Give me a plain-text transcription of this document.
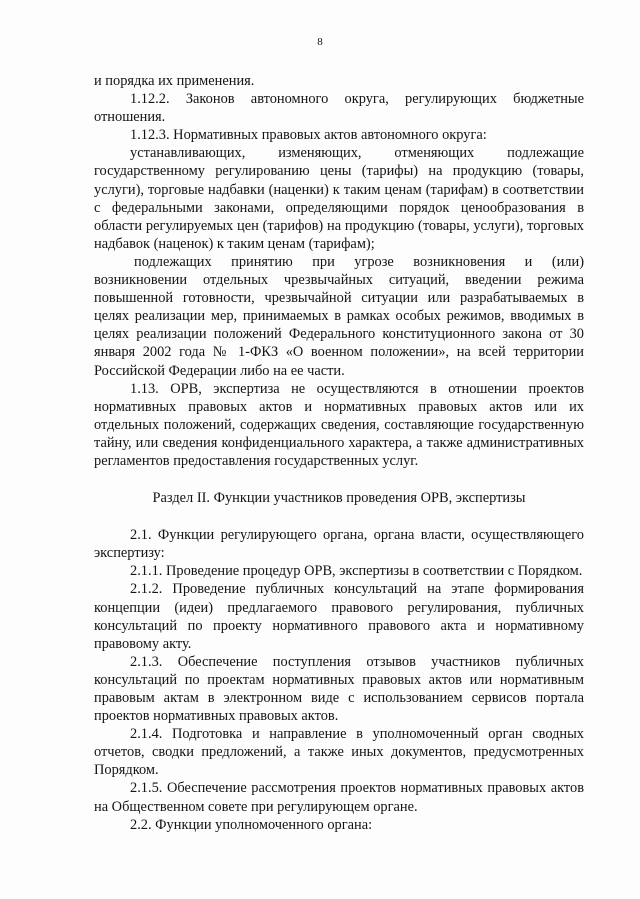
8

и порядка их применения.

1.12.2. Законов автономного округа, регулирующих бюджетные отношения.

1.12.3. Нормативных правовых актов автономного округа:

устанавливающих, изменяющих, отменяющих подлежащие государственному регулированию цены (тарифы) на продукцию (товары, услуги), торговые надбавки (наценки) к таким ценам (тарифам) в соответствии с федеральными законами, определяющими порядок ценообразования в области регулируемых цен (тарифов) на продукцию (товары, услуги), торговых надбавок (наценок) к таким ценам (тарифам);

подлежащих принятию при угрозе возникновения и (или) возникновении отдельных чрезвычайных ситуаций, введении режима повышенной готовности, чрезвычайной ситуации или разрабатываемых в целях реализации мер, принимаемых в рамках особых режимов, вводимых в целях реализации положений Федерального конституционного закона от 30 января 2002 года № 1-ФКЗ «О военном положении», на всей территории Российской Федерации либо на ее части.

1.13. ОРВ, экспертиза не осуществляются в отношении проектов нормативных правовых актов и нормативных правовых актов или их отдельных положений, содержащих сведения, составляющие государственную тайну, или сведения конфиденциального характера, а также административных регламентов предоставления государственных услуг.

Раздел II. Функции участников проведения ОРВ, экспертизы

2.1. Функции регулирующего органа, органа власти, осуществляющего экспертизу:

2.1.1. Проведение процедур ОРВ, экспертизы в соответствии с Порядком.

2.1.2. Проведение публичных консультаций на этапе формирования концепции (идеи) предлагаемого правового регулирования, публичных консультаций по проекту нормативного правового акта и нормативному правовому акту.

2.1.3. Обеспечение поступления отзывов участников публичных консультаций по проектам нормативных правовых актов или нормативным правовым актам в электронном виде с использованием сервисов портала проектов нормативных правовых актов.

2.1.4. Подготовка и направление в уполномоченный орган сводных отчетов, сводки предложений, а также иных документов, предусмотренных Порядком.

2.1.5. Обеспечение рассмотрения проектов нормативных правовых актов на Общественном совете при регулирующем органе.

2.2. Функции уполномоченного органа:
